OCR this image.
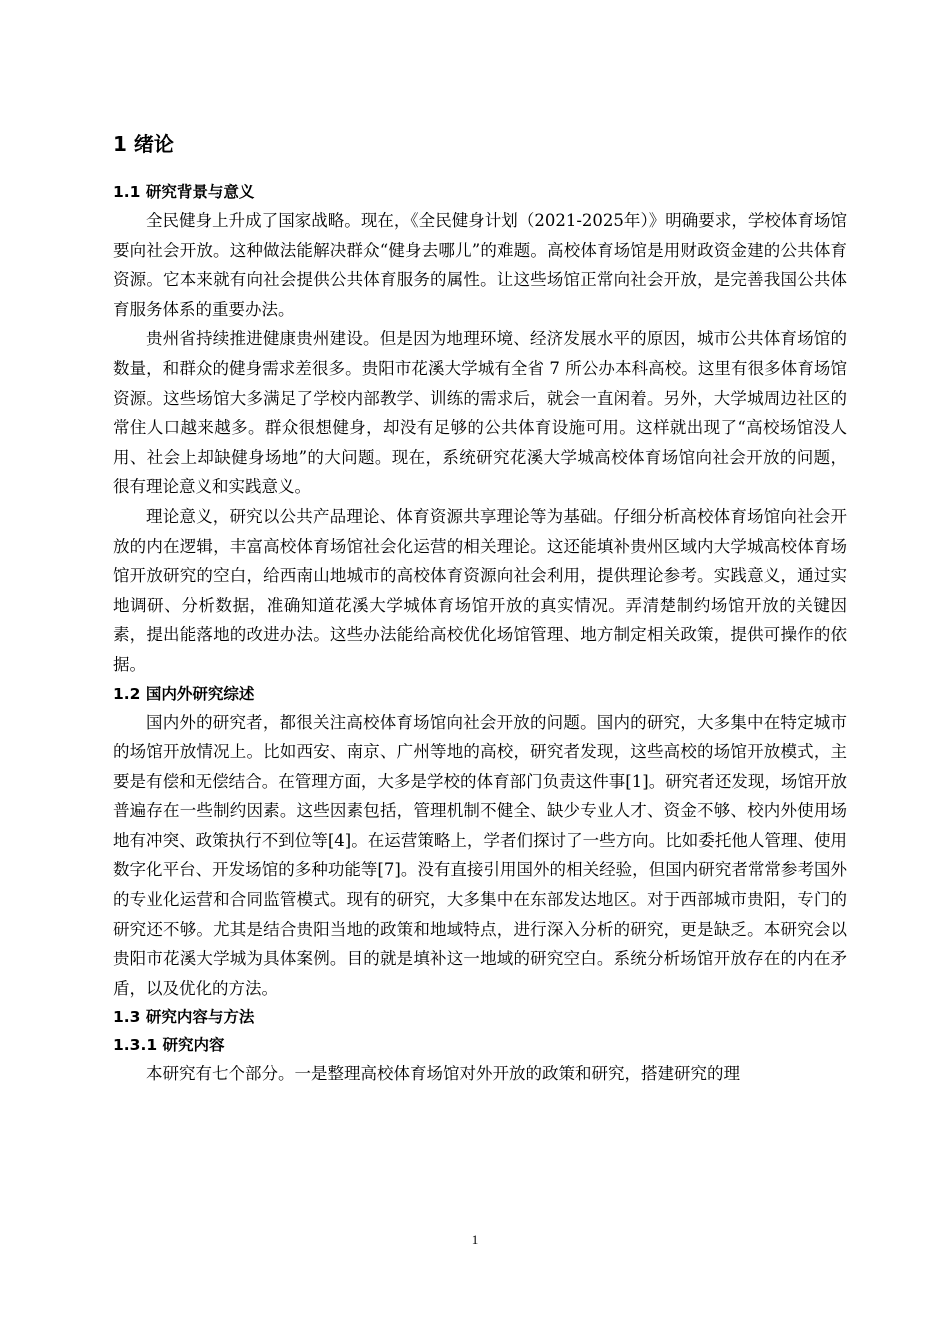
1 绪论
1.1 研究背景与意义

全民健身上升成了国家战略。现在，《全民健身计划（2021-2025年）》明确要求，学校体育场馆要向社会开放。这种做法能解决群众“健身去哪儿”的难题。高校体育场馆是用财政资金建的公共体育资源。它本来就有向社会提供公共体育服务的属性。让这些场馆正常向社会开放，是完善我国公共体育服务体系的重要办法。

贵州省持续推进健康贵州建设。但是因为地理环境、经济发展水平的原因，城市公共体育场馆的数量，和群众的健身需求差很多。贵阳市花溪大学城有全省 7 所公办本科高校。这里有很多体育场馆资源。这些场馆大多满足了学校内部教学、训练的需求后，就会一直闲着。另外，大学城周边社区的常住人口越来越多。群众很想健身，却没有足够的公共体育设施可用。这样就出现了“高校场馆没人用、社会上却缺健身场地”的大问题。现在，系统研究花溪大学城高校体育场馆向社会开放的问题，很有理论意义和实践意义。

理论意义，研究以公共产品理论、体育资源共享理论等为基础。仔细分析高校体育场馆向社会开放的内在逻辑，丰富高校体育场馆社会化运营的相关理论。这还能填补贵州区域内大学城高校体育场馆开放研究的空白，给西南山地城市的高校体育资源向社会利用，提供理论参考。实践意义，通过实地调研、分析数据，准确知道花溪大学城体育场馆开放的真实情况。弄清楚制约场馆开放的关键因素，提出能落地的改进办法。这些办法能给高校优化场馆管理、地方制定相关政策，提供可操作的依据。

1.2 国内外研究综述

国内外的研究者，都很关注高校体育场馆向社会开放的问题。国内的研究，大多集中在特定城市的场馆开放情况上。比如西安、南京、广州等地的高校，研究者发现，这些高校的场馆开放模式，主要是有偿和无偿结合。在管理方面，大多是学校的体育部门负责这件事[1]。研究者还发现，场馆开放普遍存在一些制约因素。这些因素包括，管理机制不健全、缺少专业人才、资金不够、校内外使用场地有冲突、政策执行不到位等[4]。在运营策略上，学者们探讨了一些方向。比如委托他人管理、使用数字化平台、开发场馆的多种功能等[7]。没有直接引用国外的相关经验，但国内研究者常常参考国外的专业化运营和合同监管模式。现有的研究，大多集中在东部发达地区。对于西部城市贵阳，专门的研究还不够。尤其是结合贵阳当地的政策和地域特点，进行深入分析的研究，更是缺乏。本研究会以贵阳市花溪大学城为具体案例。目的就是填补这一地域的研究空白。系统分析场馆开放存在的内在矛盾，以及优化的方法。

1.3 研究内容与方法
1.3.1 研究内容

本研究有七个部分。一是整理高校体育场馆对外开放的政策和研究，搭建研究的理

1
